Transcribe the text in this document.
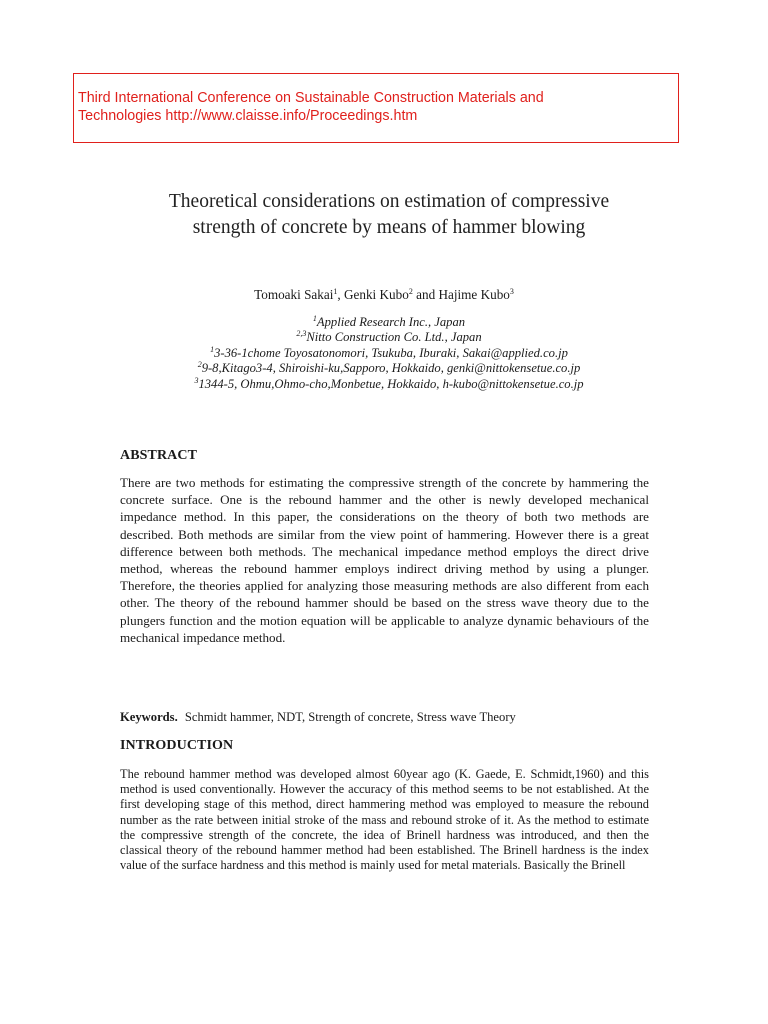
Third International Conference on Sustainable Construction Materials and
Technologies http://www.claisse.info/Proceedings.htm
Theoretical considerations on estimation of compressive
strength of concrete by means of hammer blowing
Tomoaki Sakai$^1$, Genki Kubo$^2$ and Hajime Kubo$^3$
$^1$Applied Research Inc., Japan
$^{2,3}$Nitto Construction Co. Ltd., Japan
$^1$3-36-1chome Toyosatonomori, Tsukuba, Iburaki, Sakai@applied.co.jp
$^2$9-8,Kitago3-4, Shiroishi-ku,Sapporo, Hokkaido, genki@nittokensetue.co.jp
$^3$1344-5, Ohmu,Ohmo-cho,Monbetue, Hokkaido, h-kubo@nittokensetue.co.jp
ABSTRACT

There are two methods for estimating the compressive strength of the concrete by hammering the concrete surface. One is the rebound hammer and the other is newly developed mechanical impedance method. In this paper, the considerations on the theory of both two methods are described. Both methods are similar from the view point of hammering. However there is a great difference between both methods. The mechanical impedance method employs the direct drive method, whereas the rebound hammer employs indirect driving method by using a plunger. Therefore, the theories applied for analyzing those measuring methods are also different from each other. The theory of the rebound hammer should be based on the stress wave theory due to the plungers function and the motion equation will be applicable to analyze dynamic behaviours of the mechanical impedance method.

Keywords. Schmidt hammer, NDT, Strength of concrete, Stress wave Theory
INTRODUCTION

The rebound hammer method was developed almost 60year ago (K. Gaede, E. Schmidt,1960) and this method is used conventionally. However the accuracy of this method seems to be not established. At the first developing stage of this method, direct hammering method was employed to measure the rebound number as the rate between initial stroke of the mass and rebound stroke of it. As the method to estimate the compressive strength of the concrete, the idea of Brinell hardness was introduced, and then the classical theory of the rebound hammer method had been established. The Brinell hardness is the index value of the surface hardness and this method is mainly used for metal materials. Basically the Brinell
